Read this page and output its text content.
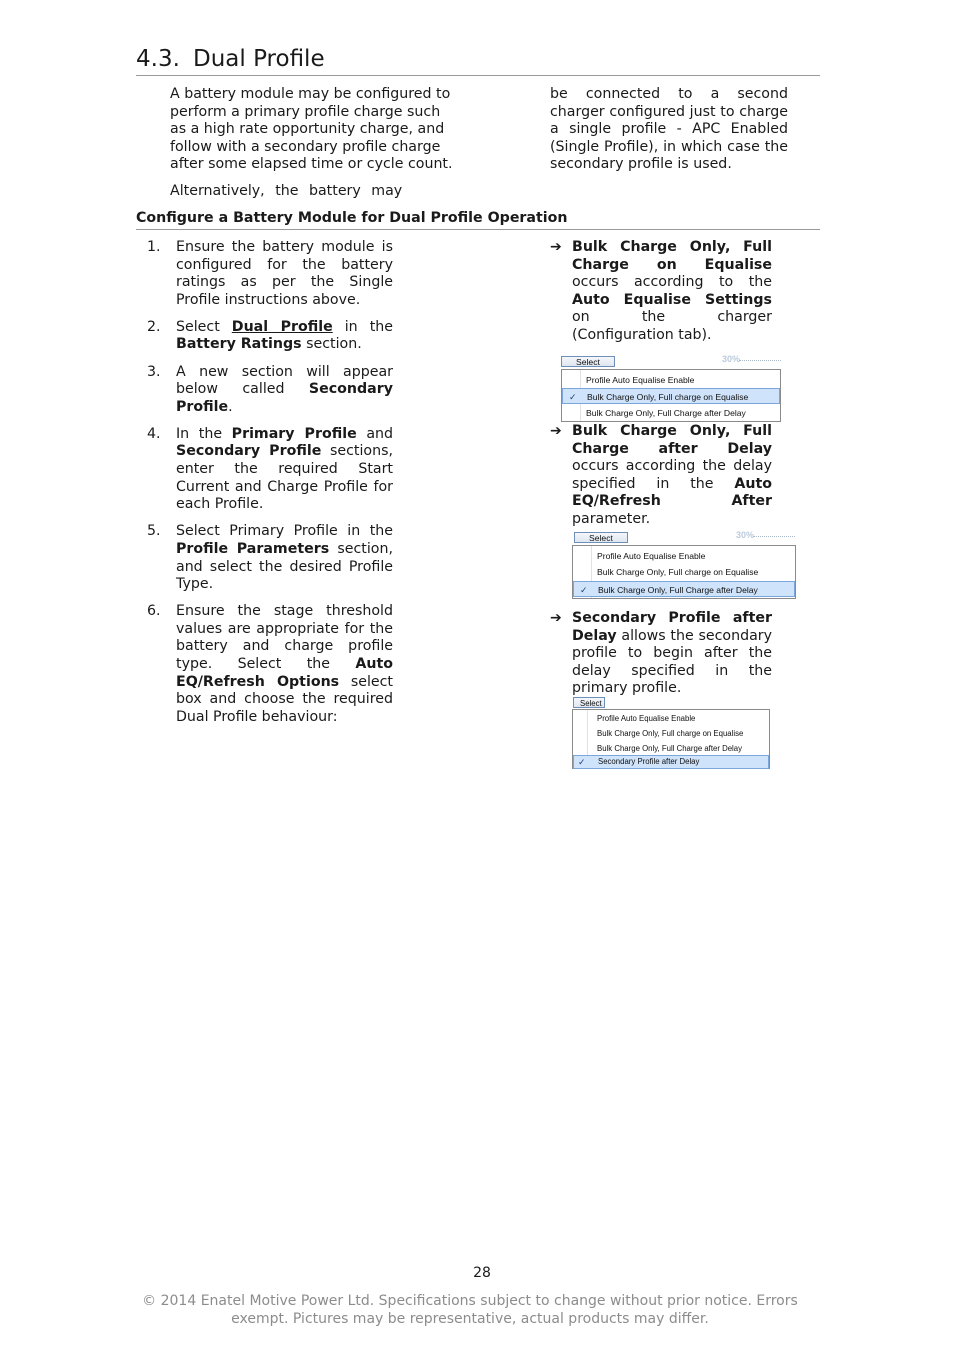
4.3. Dual Profile

A battery module may be configured to perform a primary profile charge such as a high rate opportunity charge, and follow with a secondary profile charge after some elapsed time or cycle count.

Alternatively, the battery may

be connected to a second charger configured just to charge a single profile - APC Enabled (Single Profile), in which case the secondary profile is used.

Configure a Battery Module for Dual Profile Operation
1. Ensure the battery module is configured for the battery ratings as per the Single Profile instructions above.
2. Select Dual Profile in the Battery Ratings section.
3. A new section will appear below called Secondary Profile.
4. In the Primary Profile and Secondary Profile sections, enter the required Start Current and Charge Profile for each Profile.
5. Select Primary Profile in the Profile Parameters section, and select the desired Profile Type.
6. Ensure the stage threshold values are appropriate for the battery and charge profile type. Select the Auto EQ/Refresh Options select box and choose the required Dual Profile behaviour:
➔ Bulk Charge Only, Full Charge on Equalise occurs according to the Auto Equalise Settings on the charger (Configuration tab).
Select	30%
Profile Auto Equalise Enable
✓ Bulk Charge Only, Full charge on Equalise
Bulk Charge Only, Full Charge after Delay
➔ Bulk Charge Only, Full Charge after Delay occurs according the delay specified in the Auto EQ/Refresh After parameter.
Select	30%
Profile Auto Equalise Enable
Bulk Charge Only, Full charge on Equalise
✓ Bulk Charge Only, Full Charge after Delay
➔ Secondary Profile after Delay allows the secondary profile to begin after the delay specified in the primary profile.
Select
Profile Auto Equalise Enable
Bulk Charge Only, Full charge on Equalise
Bulk Charge Only, Full Charge after Delay
✓ Secondary Profile after Delay
28
© 2014 Enatel Motive Power Ltd. Specifications subject to change without prior notice. Errors
exempt. Pictures may be representative, actual products may differ.
